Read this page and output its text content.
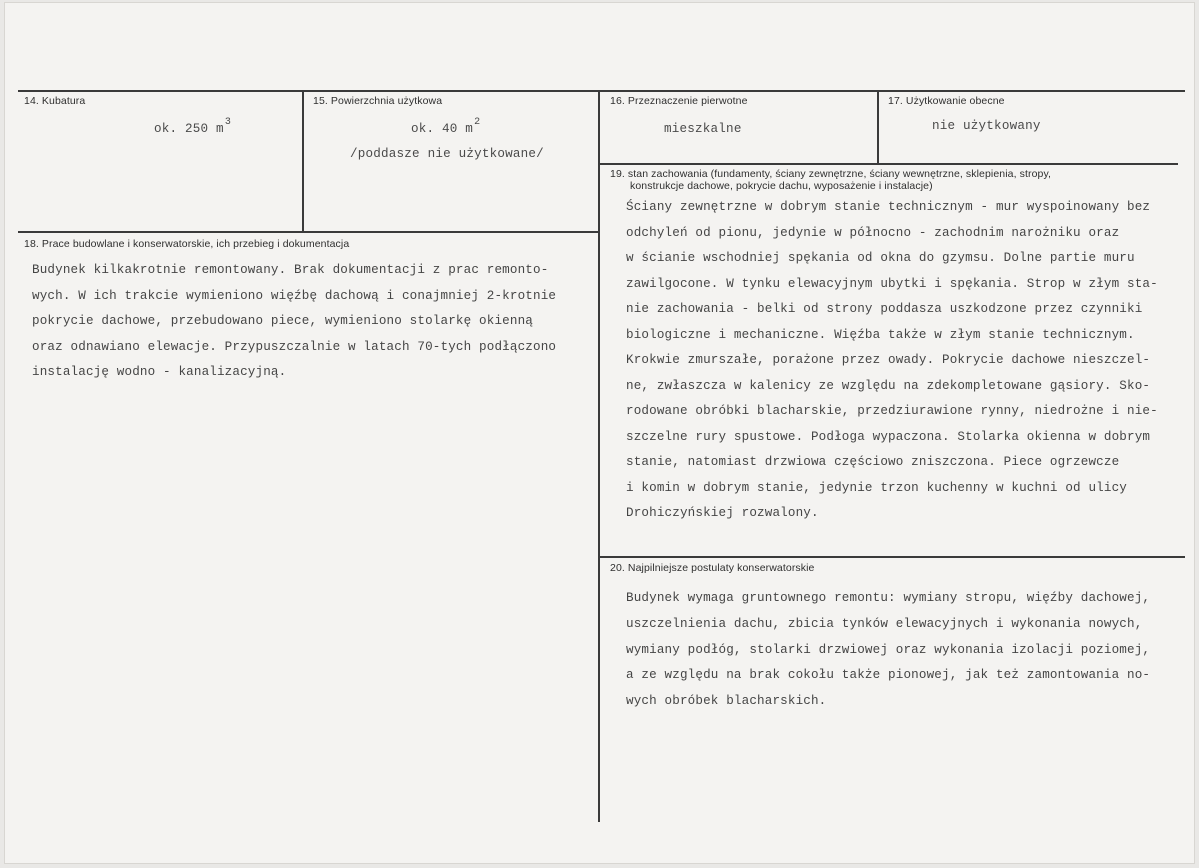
14. Kubatura
ok. 250 $m^3$
15. Powierzchnia użytkowa
ok. 40 $m^2$
/poddasze nie użytkowane/
16. Przeznaczenie pierwotne
mieszkalne
17. Użytkowanie obecne
nie użytkowany
18. Prace budowlane i konserwatorskie, ich przebieg i dokumentacja
Budynek kilkakrotnie remontowany. Brak dokumentacji z prac remonto-
wych. W ich trakcie wymieniono więźbę dachową i conajmniej 2-krotnie
pokrycie dachowe, przebudowano piece, wymieniono stolarkę okienną
oraz odnawiano elewacje. Przypuszczalnie w latach 70-tych podłączono
instalację wodno - kanalizacyjną.
19. stan zachowania (fundamenty, ściany zewnętrzne, ściany wewnętrzne, sklepienia, stropy,
konstrukcje dachowe, pokrycie dachu, wyposażenie i instalacje)
Ściany zewnętrzne w dobrym stanie technicznym - mur wyspoinowany bez
odchyleń od pionu, jedynie w północno - zachodnim narożniku oraz
w ścianie wschodniej spękania od okna do gzymsu. Dolne partie muru
zawilgocone. W tynku elewacyjnym ubytki i spękania. Strop w złym sta-
nie zachowania - belki od strony poddasza uszkodzone przez czynniki
biologiczne i mechaniczne. Więźba także w złym stanie technicznym.
Krokwie zmurszałe, porażone przez owady. Pokrycie dachowe nieszczel-
ne, zwłaszcza w kalenicy ze względu na zdekompletowane gąsiory. Sko-
rodowane obróbki blacharskie, przedziurawione rynny, niedrożne i nie-
szczelne rury spustowe. Podłoga wypaczona. Stolarka okienna w dobrym
stanie, natomiast drzwiowa częściowo zniszczona. Piece ogrzewcze
i komin w dobrym stanie, jedynie trzon kuchenny w kuchni od ulicy
Drohiczyńskiej rozwalony.
20. Najpilniejsze postulaty konserwatorskie
Budynek wymaga gruntownego remontu: wymiany stropu, więźby dachowej,
uszczelnienia dachu, zbicia tynków elewacyjnych i wykonania nowych,
wymiany podłóg, stolarki drzwiowej oraz wykonania izolacji poziomej,
a ze względu na brak cokołu także pionowej, jak też zamontowania no-
wych obróbek blacharskich.
